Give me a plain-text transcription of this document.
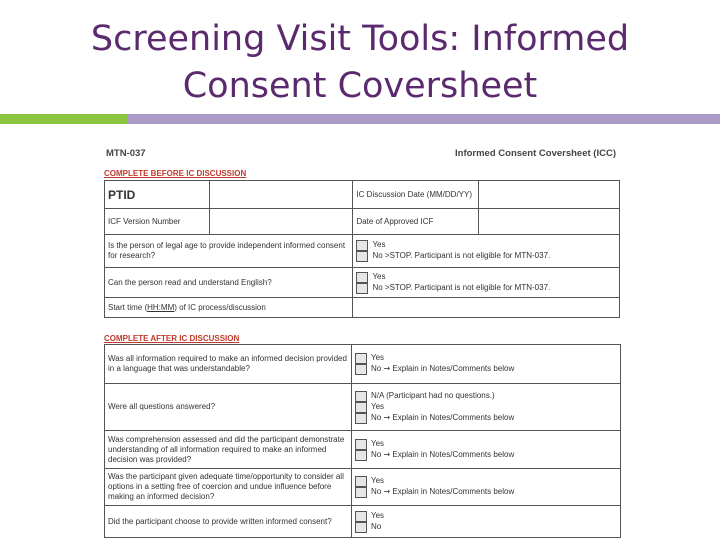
Screening Visit Tools: Informed
Consent Coversheet
MTN-037	Informed Consent Coversheet (ICC)
COMPLETE BEFORE IC DISCUSSION
PTID		IC Discussion Date (MM/DD/YY)	
ICF Version Number		Date of Approved ICF	
Is the person of legal age to provide independent informed consent for research?		Yes
No >STOP. Participant is not eligible for MTN-037.	

Can the person read and understand English?		Yes
No >STOP. Participant is not eligible for MTN-037.	

Start time (HH:MM) of IC process/discussion			
COMPLETE AFTER IC DISCUSSION
Was all information required to make an informed decision provided in a language that was understandable?	Yes
No → Explain in Notes/Comments below

Were all questions answered?	N/A (Participant had no questions.)
Yes
No → Explain in Notes/Comments below

Was comprehension assessed and did the participant demonstrate understanding of all information required to make an informed decision was provided?	Yes
No → Explain in Notes/Comments below

Was the participant given adequate time/opportunity to consider all options in a setting free of coercion and undue influence before making an informed decision?	Yes
No → Explain in Notes/Comments below

Did the participant choose to provide written informed consent?	Yes
No
